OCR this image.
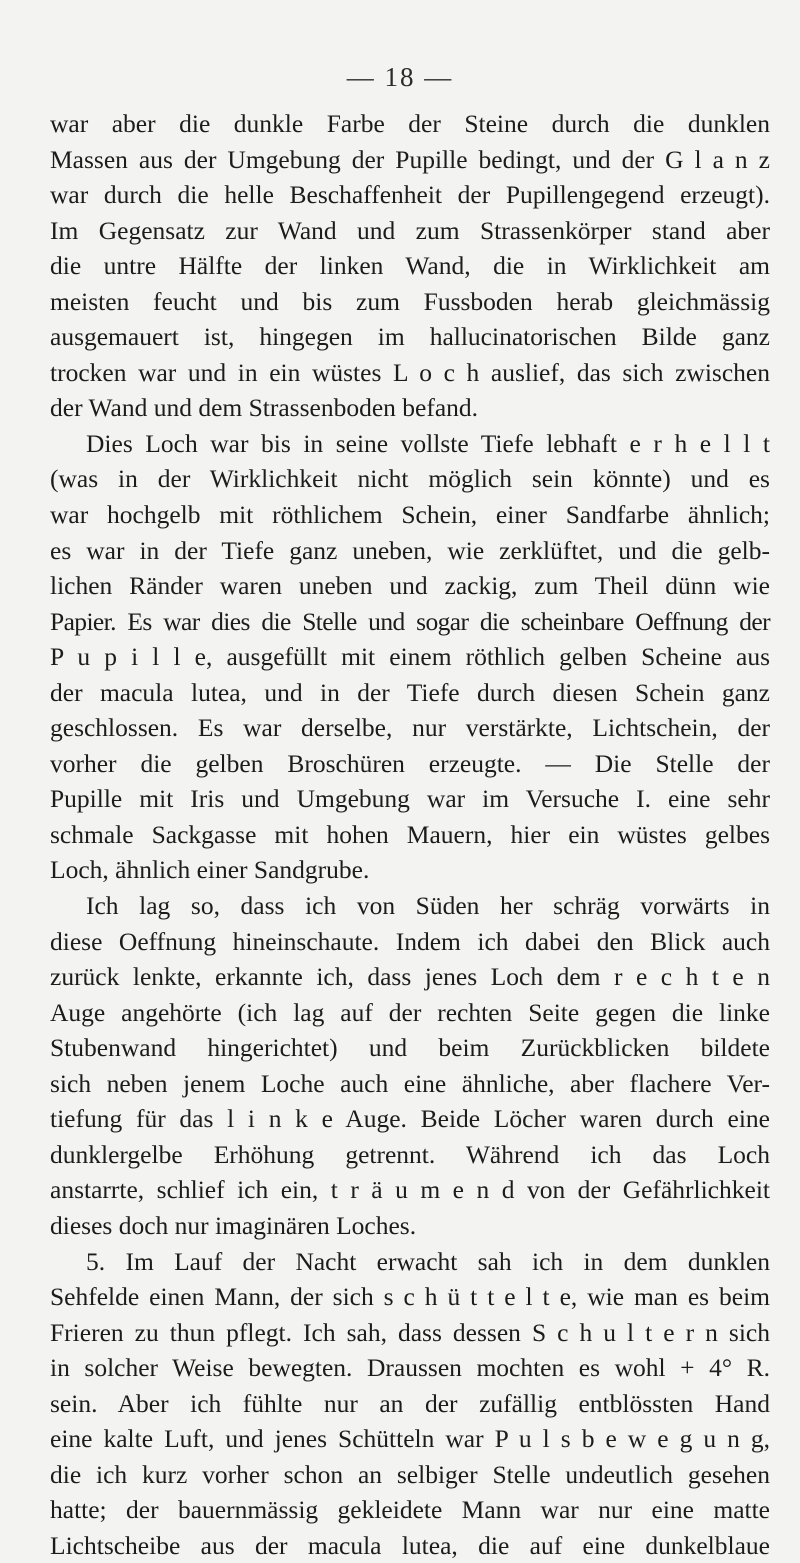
— 18 —
war aber die dunkle Farbe der Steine durch die dunklen
Massen aus der Umgebung der Pupille bedingt, und der G l a n z
war durch die helle Beschaffenheit der Pupillengegend erzeugt).
Im Gegensatz zur Wand und zum Strassenkörper stand aber
die untre Hälfte der linken Wand, die in Wirklichkeit am
meisten feucht und bis zum Fussboden herab gleichmässig
ausgemauert ist, hingegen im hallucinatorischen Bilde ganz
trocken war und in ein wüstes L o c h auslief, das sich zwischen
der Wand und dem Strassenboden befand.
Dies Loch war bis in seine vollste Tiefe lebhaft e r h e l l t
(was in der Wirklichkeit nicht möglich sein könnte) und es
war hochgelb mit röthlichem Schein, einer Sandfarbe ähnlich;
es war in der Tiefe ganz uneben, wie zerklüftet, und die gelb-
lichen Ränder waren uneben und zackig, zum Theil dünn wie
Papier. Es war dies die Stelle und sogar die scheinbare Oeffnung der
P u p i l l e, ausgefüllt mit einem röthlich gelben Scheine aus
der macula lutea, und in der Tiefe durch diesen Schein ganz
geschlossen. Es war derselbe, nur verstärkte, Lichtschein, der
vorher die gelben Broschüren erzeugte. — Die Stelle der
Pupille mit Iris und Umgebung war im Versuche I. eine sehr
schmale Sackgasse mit hohen Mauern, hier ein wüstes gelbes
Loch, ähnlich einer Sandgrube.
Ich lag so, dass ich von Süden her schräg vorwärts in
diese Oeffnung hineinschaute. Indem ich dabei den Blick auch
zurück lenkte, erkannte ich, dass jenes Loch dem r e c h t e n
Auge angehörte (ich lag auf der rechten Seite gegen die linke
Stubenwand hingerichtet) und beim Zurückblicken bildete
sich neben jenem Loche auch eine ähnliche, aber flachere Ver-
tiefung für das l i n k e Auge. Beide Löcher waren durch eine
dunklergelbe Erhöhung getrennt. Während ich das Loch
anstarrte, schlief ich ein, t r ä u m e n d von der Gefährlichkeit
dieses doch nur imaginären Loches.
5. Im Lauf der Nacht erwacht sah ich in dem dunklen
Sehfelde einen Mann, der sich s c h ü t t e l t e, wie man es beim
Frieren zu thun pflegt. Ich sah, dass dessen S c h u l t e r n sich
in solcher Weise bewegten. Draussen mochten es wohl + 4° R.
sein. Aber ich fühlte nur an der zufällig entblössten Hand
eine kalte Luft, und jenes Schütteln war P u l s b e w e g u n g,
die ich kurz vorher schon an selbiger Stelle undeutlich gesehen
hatte; der bauernmässig gekleidete Mann war nur eine matte
Lichtscheibe aus der macula lutea, die auf eine dunkelblaue
